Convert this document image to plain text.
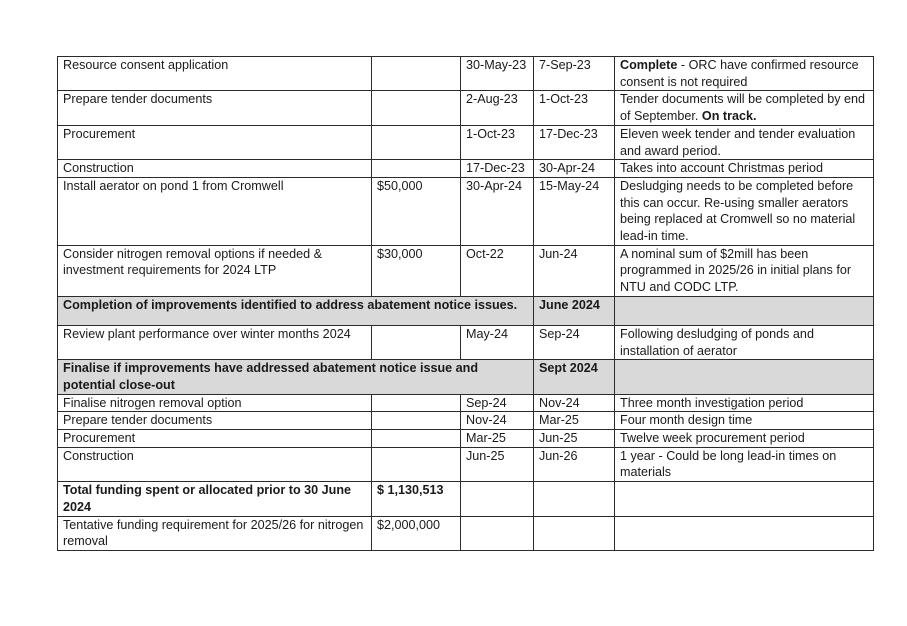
Resource consent application		30-May-23	7-Sep-23	Complete - ORC have confirmed resource consent is not required
Prepare tender documents		2-Aug-23	1-Oct-23	Tender documents will be completed by end of September. On track.
Procurement		1-Oct-23	17-Dec-23	Eleven week tender and tender evaluation and award period.
Construction		17-Dec-23	30-Apr-24	Takes into account Christmas period
Install aerator on pond 1 from Cromwell	$50,000	30-Apr-24	15-May-24	Desludging needs to be completed before this can occur. Re-using smaller aerators being replaced at Cromwell so no material lead-in time.
Consider nitrogen removal options if needed & investment requirements for 2024 LTP	$30,000	Oct-22	Jun-24	A nominal sum of $2mill has been programmed in 2025/26 in initial plans for NTU and CODC LTP.
Completion of improvements identified to address abatement notice issues.			June 2024	
Review plant performance over winter months 2024		May-24	Sep-24	Following desludging of ponds and installation of aerator
Finalise if improvements have addressed abatement notice issue and potential close-out			Sept 2024	
Finalise nitrogen removal option		Sep-24	Nov-24	Three month investigation period
Prepare tender documents		Nov-24	Mar-25	Four month design time
Procurement		Mar-25	Jun-25	Twelve week procurement period
Construction		Jun-25	Jun-26	1 year - Could be long lead-in times on materials
Total funding spent or allocated prior to 30 June 2024	$ 1,130,513			
Tentative funding requirement for 2025/26 for nitrogen removal	$2,000,000			
